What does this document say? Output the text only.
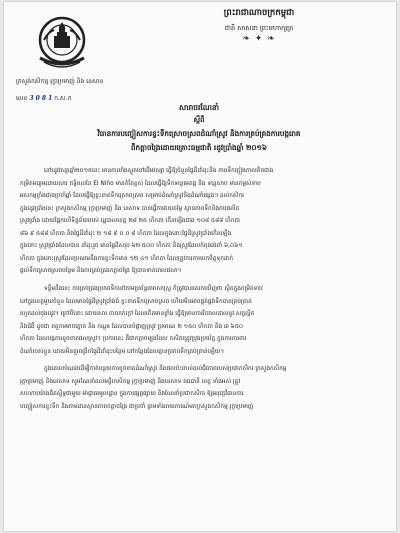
ព្រះរាជាណាចក្រកម្ពុជា
ជាតិ សាសនា ព្រះមហាក្សត្រ
❧ ✦ ❧
ក្រសួងកសិកម្ម រុក្ខាប្រមាញ់ និង នេសាទ
លេខ 3 0 8 1 ក.ស.ក
សារាចរណែនាំ
ស្តីពី
វិធានការបញ្ចៀសការខ្វះទឹកស្រោចស្រពដំណាំស្រូវ និងការគ្រប់គ្រងការបង្ករោគ
ពីកត្តាចង្រៃដោយគ្រោះធម្មជាតិ រដូវប្រាំងឆ្នាំ ២០១៦
នៅរដូវវស្សាឆ្នាំ២០១៥នេះ មានភាពរាំងស្ងួតនៅដើមវស្សា ធ្វើឱ្យចំនួនផ្ទៃដីដាំដុះនិង ភាពទឹកភ្លៀងកាលតិចជាង
កម្រិតមធ្យមដោយសារ ឥទ្ធិពលនៃ El Niño មានកំរិតខ្ពស់ ដែលធ្វើឱ្យទឹកទន្លេមេគង្គ និង ទន្លេសាប មានកម្ពស់ទាប
អសកម្មខ្លាំងជាងប្រចាំឆ្នាំ ដែលធ្វើឱ្យខ្វះខាតទឹកស្រោចស្រព សម្រាប់ដំណាំស្រូវនិងដំណាំផ្សេងៗ ដល់កសិករ
ក្នុងរដូវប្រាំងនេះ ក្រសួងកសិកម្ម រុក្ខាប្រមាញ់ និង នេសាទ បានធ្វើការវាយតម្លៃ ស្ថានភាពទឹកនិងការផលិត
ស្រូវប្រាំង ដោយផ្អែកលើទិន្នន័យរបស់ រដ្ឋបាលខេត្ត ២៨ ២៥ ហិកតា កើនឡើងជាង ១០៨ ៥៨៨ ហិកតា
៨៦ ៩ ៥៨៨ ហិកតា និងផ្ទៃដីដាំដុះ ២ ១៨ ៩ ០ ០ ៨ ហិកតា ដែលក្នុងនោះផ្ទៃដីស្រូវប្រាំងកើនឡើង
ក្នុងនោះ ស្រូវប្រាំងដែលបាន ដាំដុះរួច មានផ្ទៃដីសរុប ៦២ ៥០០ ហិកតា និងស្រូវដែលកំពុងរង់ចាំ ៦,០៦១
ហិកតា ក្នុងនោះស្រូវដែលប្រឈមនឹងការខ្វះទឹកមាន ១២ ៤១ ហិកតា ដែលត្រូវការការយកចិត្តទុកដាក់
ផ្តល់ទឹកស្រោចស្រពបន្ថែម និងការគ្រប់គ្រងកត្តាចង្រៃ ឱ្យបានទាន់ពេលវេលា។
ទន្ទឹមនឹងនេះ ការគ្រប់គ្រងប្រភពទឹកនៅតាមប្រព័ន្ធធារាសាស្ត្រ ក៏ត្រូវបានគេរកឃើញថា ស្ថិតក្នុងកម្រិតទាប
នៅក្នុងខេត្តមួយចំនួន ដែលមានផ្ទៃដីស្រូវប្រាំងធំ ខ្វះខាតទឹកស្រោចស្រព ហើយមិនអាចផ្គត់ផ្គង់ទឹកបានគ្រប់គ្រាន់
រហូតដល់ចុងរដូវ។ ក្រៅពីនោះ ដោយសារ ភាពកក់ក្តៅ ដែលកើតមានខ្លាំង ធ្វើឱ្យមានការរីករាលដាលនូវ សត្វល្អិត
និងជំងឺ ដូចជា ពពួកមមាចត្នោត និង កណ្តុរ ដែលបានបំផ្លាញស្រូវ ប្រមាណ ២ ១៥០ ហិកតា និង ៣ ៦៥០
ហិកតា ដែលបង្កការខូចខាតផលស្រូវ។ ប្រការនេះ គឺជាកត្តាចម្បងដែល កសិករត្រូវប្រុងប្រយ័ត្ន ក្នុងការការពារ
ដំណាំរបស់ខ្លួន ដោយមិនគួរពង្រីកផ្ទៃដីដាំដុះបន្ថែម នៅកន្លែងដែលគ្មានប្រភពទឹកគ្រប់គ្រាន់ឡើយ។
ក្នុងគោលបំណងដើម្បីកាត់បន្ថយការខូចខាតដំណាំស្រូវ និងផលប៉ះពាល់ដល់ជីវភាពរបស់ប្រជាកសិករ ក្រសួងកសិកម្ម
រុក្ខាប្រមាញ់ និងនេសាទ សូមណែនាំដល់មន្ទីរកសិកម្ម រុក្ខាប្រមាញ់ និងនេសាទ រាជធានី ខេត្ត ទាំងអស់ ត្រូវ
សហការយ៉ាងជិតស្និទ្ធជាមួយ អាជ្ញាធរមូលដ្ឋាន ក្នុងការផ្សព្វផ្សាយ និងណែនាំប្រជាកសិករ ឱ្យអនុវត្តវិធានការ
បញ្ចៀសការខ្វះទឹក និងតាមដានស្ថានភាពកត្តាចង្រៃ ជាប្រចាំ ព្រមទាំងរាយការណ៍មកក្រសួងកសិកម្ម រុក្ខាប្រមាញ់
